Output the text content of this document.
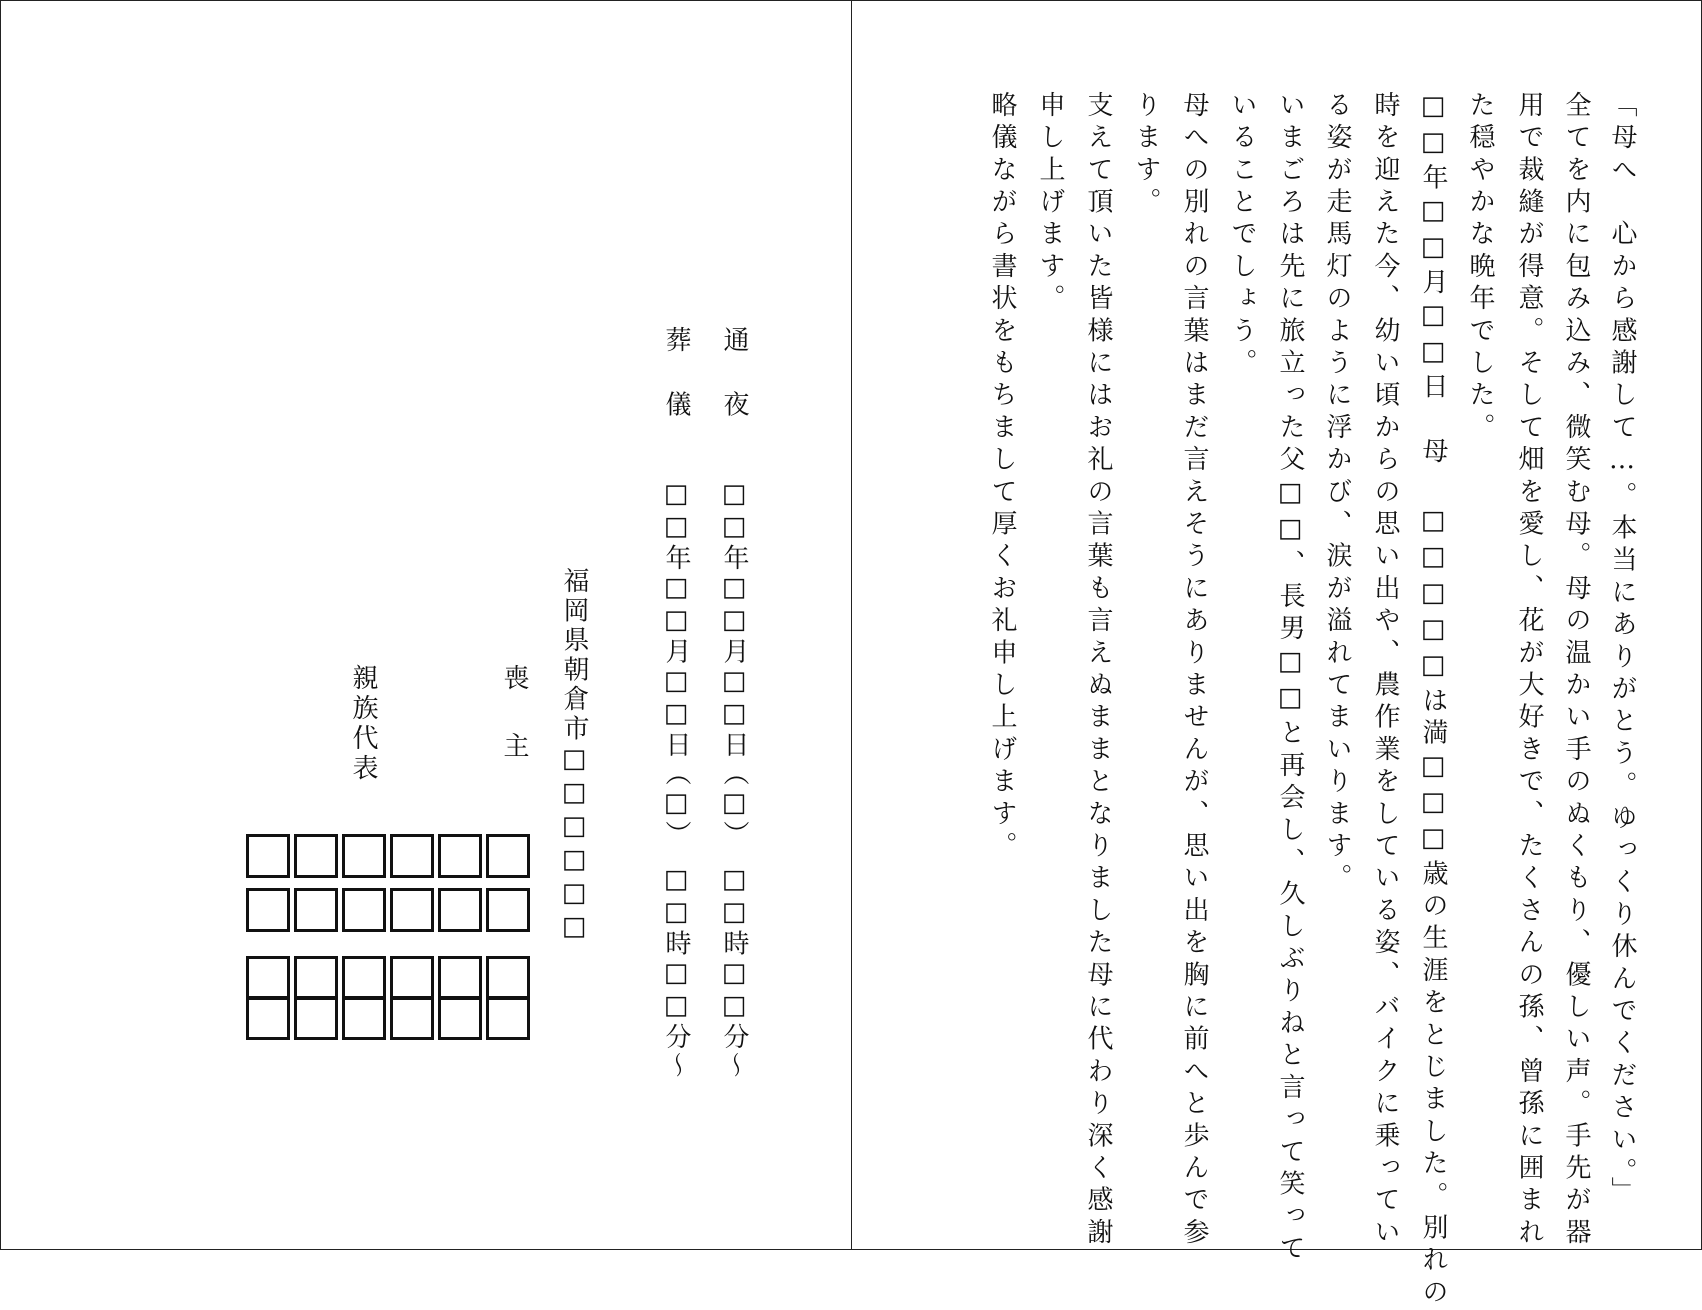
通　夜
葬　儀
□□年□□月□□日（□）　□□時□□分～
□□年□□月□□日（□）　□□時□□分～
福岡県朝倉市□□□□□□
喪　主
親族代表	「母へ　心から感謝して…。本当にありがとう。ゆっくり休んでください。」
全てを内に包み込み、微笑む母。母の温かい手のぬくもり、優しい声。手先が器
用で裁縫が得意。そして畑を愛し、花が大好きで、たくさんの孫、曾孫に囲まれ
た穏やかな晩年でした。
□□年□□月□□日　母 □□□□□は満□□□歳の生涯をとじました。別れの
時を迎えた今、幼い頃からの思い出や、農作業をしている姿、バイクに乗ってい
る姿が走馬灯のように浮かび、涙が溢れてまいります。
いまごろは先に旅立った父□□、長男□□と再会し、久しぶりねと言って笑って
いることでしょう。
母への別れの言葉はまだ言えそうにありませんが、思い出を胸に前へと歩んで参
ります。
支えて頂いた皆様にはお礼の言葉も言えぬままとなりました母に代わり深く感謝
申し上げます。
略儀ながら書状をもちまして厚くお礼申し上げます。
